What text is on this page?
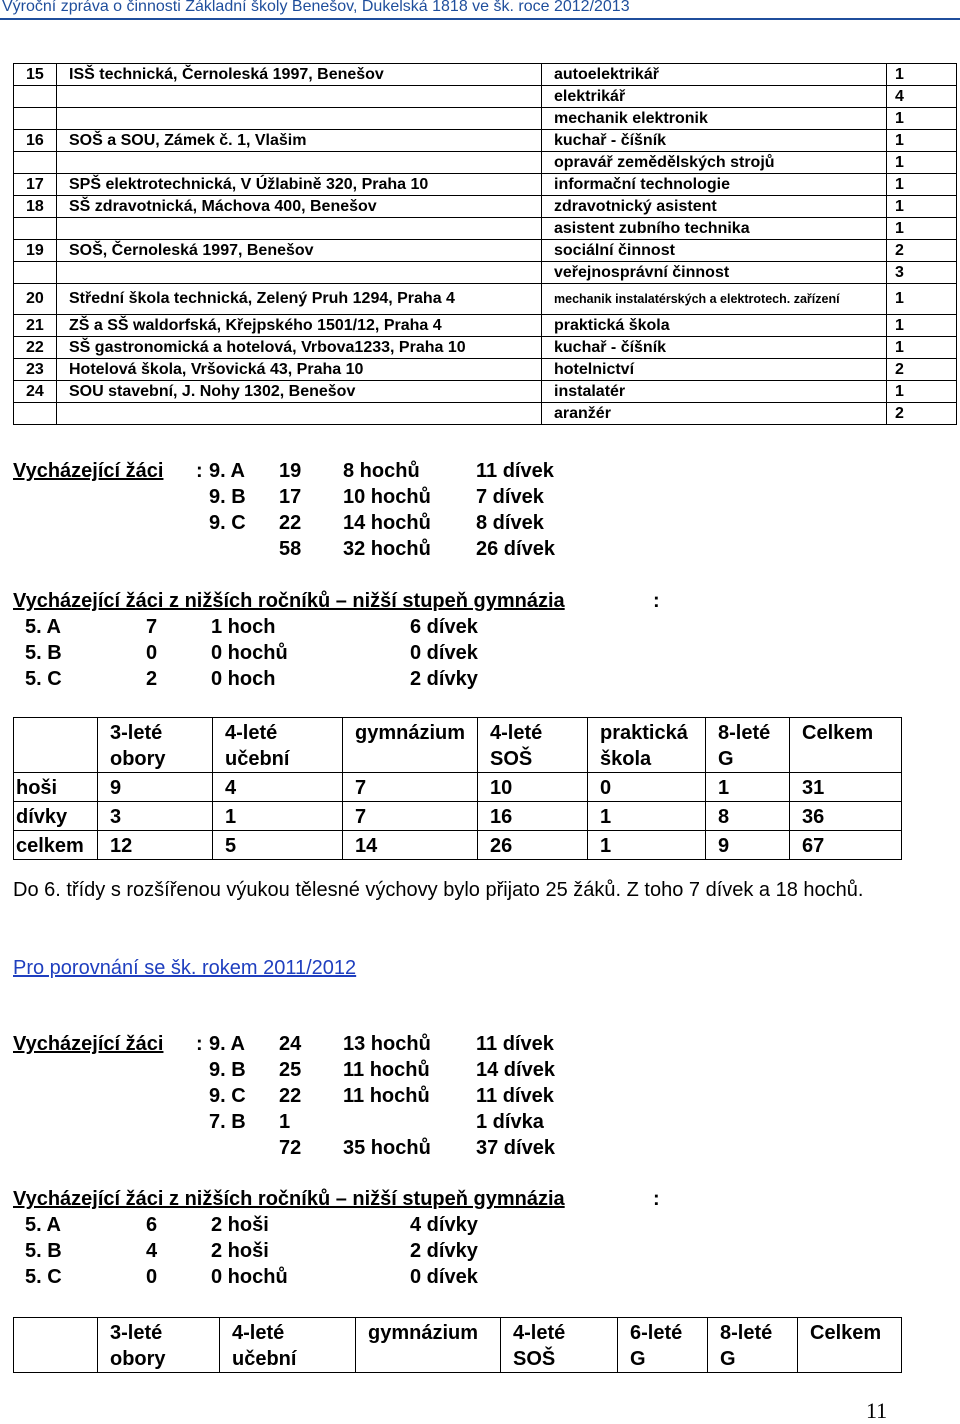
Výroční zpráva o činnosti Základní školy Benešov, Dukelská 1818 ve šk. roce 2012/2013
15	ISŠ technická, Černoleská 1997, Benešov	autoelektrikář	1
		elektrikář	4
		mechanik elektronik	1
16	SOŠ a SOU, Zámek č. 1, Vlašim	kuchař - číšník	1
		opravář zemědělských strojů	1
17	SPŠ elektrotechnická, V Úžlabině 320, Praha 10	informační technologie	1
18	SŠ zdravotnická, Máchova 400, Benešov	zdravotnický asistent	1
		asistent zubního technika	1
19	SOŠ, Černoleská 1997, Benešov	sociální činnost	2
		veřejnosprávní činnost	3
20	Střední škola technická, Zelený Pruh 1294, Praha 4	mechanik instalatérských a elektrotech. zařízení	1
21	ZŠ a SŠ waldorfská, Křejpského 1501/12, Praha 4	praktická škola	1
22	SŠ gastronomická a hotelová, Vrbova1233, Praha 10	kuchař - číšník	1
23	Hotelová škola, Vršovická 43, Praha 10	hotelnictví	2
24	SOU stavební, J. Nohy 1302, Benešov	instalatér	1
		aranžér	2
Vycházející žáci : 9. A 19 8 hochů	11 dívek
9. B 17 10 hochů 7 dívek
9. C 22 14 hochů 8 dívek
58 32 hochů 26 dívek
Vycházející žáci z nižších ročníků – nižší stupeň gymnázia	:
5. A	7	1 hoch	6 dívek
5. B	0	0 hochů	0 dívek
5. C	2	0 hoch	2 dívky
	3-leté obory	4-leté učební	gymnázium	4-leté SOŠ	praktická škola	8-leté G	Celkem
hoši	9	4	7	10	0	1	31
dívky	3	1	7	16	1	8	36
celkem	12	5	14	26	1	9	67
Do 6. třídy s rozšířenou výukou tělesné výchovy bylo přijato 25 žáků. Z toho 7 dívek a 18 hochů.
Pro porovnání se šk. rokem 2011/2012
Vycházející žáci : 9. A 24 13 hochů 11 dívek
9. B 25 11 hochů 14 dívek
9. C 22 11 hochů 11 dívek
7. B 1	1 dívka
72 35 hochů 37 dívek
Vycházející žáci z nižších ročníků – nižší stupeň gymnázia	:
5. A	6	2 hoši	4 dívky
5. B	4	2 hoši	2 dívky
5. C	0	0 hochů	0 dívek
	3-leté obory	4-leté učební	gymnázium	4-leté SOŠ	6-leté G	8-leté G	Celkem
11
